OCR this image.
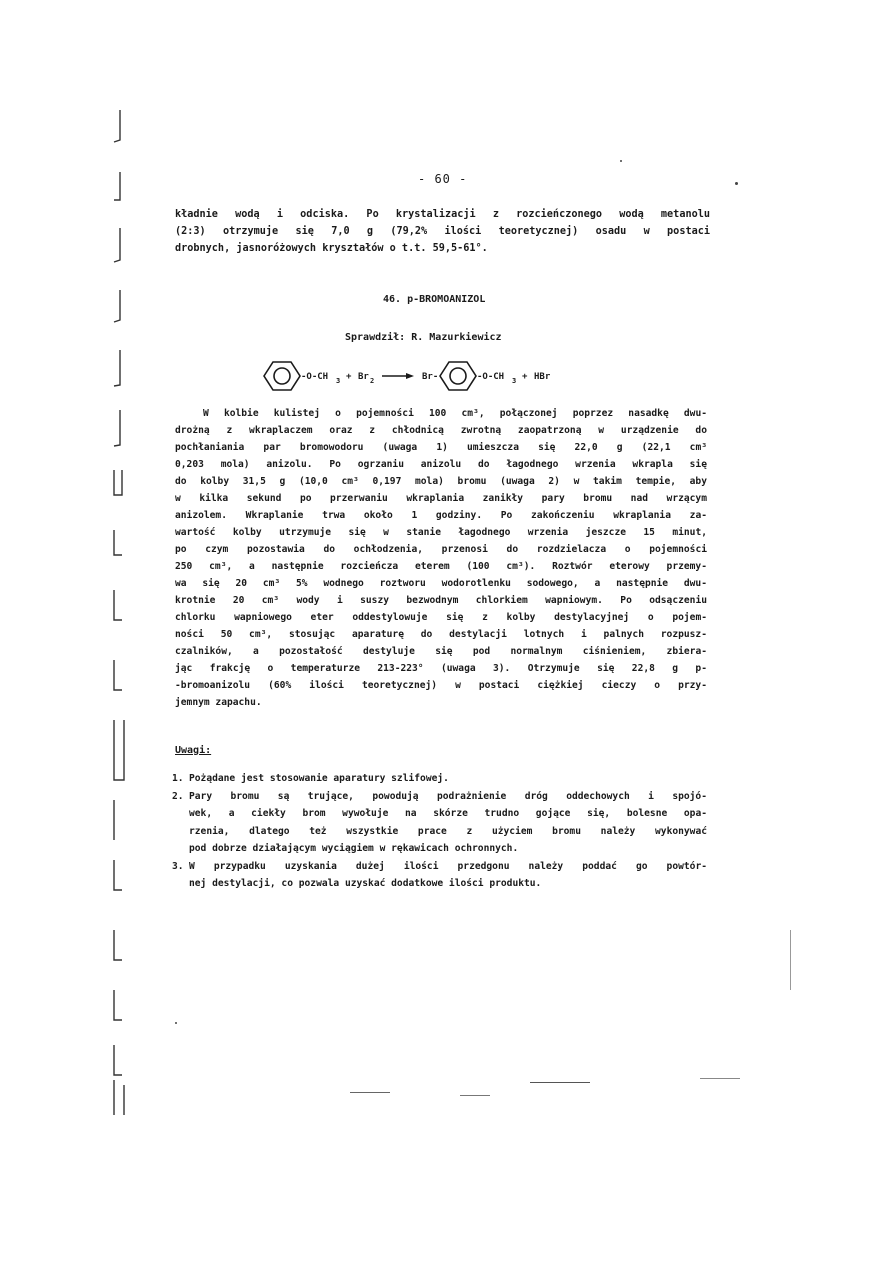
- 60 -
kładnie wodą i odciska. Po krystalizacji z rozcieńczonego wodą metanolu
(2:3) otrzymuje się 7,0 g (79,2% ilości teoretycznej) osadu w postaci
drobnych, jasnoróżowych kryształów o t.t. 59,5-61°.
46. p-BROMOANIZOL
Sprawdził: R. Mazurkiewicz
-O-CH 3 + Br 2	Br-	-O-CH 3 + HBr
W kolbie kulistej o pojemności 100 cm³, połączonej poprzez nasadkę dwu-
drożną z wkraplaczem oraz z chłodnicą zwrotną zaopatrzoną w urządzenie do
pochłaniania par bromowodoru (uwaga 1) umieszcza się 22,0 g (22,1 cm³
0,203 mola) anizolu. Po ogrzaniu anizolu do łagodnego wrzenia wkrapla się
do kolby 31,5 g (10,0 cm³ 0,197 mola) bromu (uwaga 2) w takim tempie, aby
w kilka sekund po przerwaniu wkraplania zanikły pary bromu nad wrzącym
anizolem. Wkraplanie trwa około 1 godziny. Po zakończeniu wkraplania za-
wartość kolby utrzymuje się w stanie łagodnego wrzenia jeszcze 15 minut,
po czym pozostawia do ochłodzenia, przenosi do rozdzielacza o pojemności
250 cm³, a następnie rozcieńcza eterem (100 cm³). Roztwór eterowy przemy-
wa się 20 cm³ 5% wodnego roztworu wodorotlenku sodowego, a następnie dwu-
krotnie 20 cm³ wody i suszy bezwodnym chlorkiem wapniowym. Po odsączeniu
chlorku wapniowego eter oddestylowuje się z kolby destylacyjnej o pojem-
ności 50 cm³, stosując aparaturę do destylacji lotnych i palnych rozpusz-
czalników, a pozostałość destyluje się pod normalnym ciśnieniem, zbiera-
jąc frakcję o temperaturze 213-223° (uwaga 3). Otrzymuje się 22,8 g p-
-bromoanizolu (60% ilości teoretycznej) w postaci ciężkiej cieczy o przy-
jemnym zapachu.
Uwagi:
1. Pożądane jest stosowanie aparatury szlifowej.
2. Pary bromu są trujące, powodują podrażnienie dróg oddechowych i spojó-
wek, a ciekły brom wywołuje na skórze trudno gojące się, bolesne opa-
rzenia, dlatego też wszystkie prace z użyciem bromu należy wykonywać
pod dobrze działającym wyciągiem w rękawicach ochronnych.
3. W przypadku uzyskania dużej ilości przedgonu należy poddać go powtór-
nej destylacji, co pozwala uzyskać dodatkowe ilości produktu.
